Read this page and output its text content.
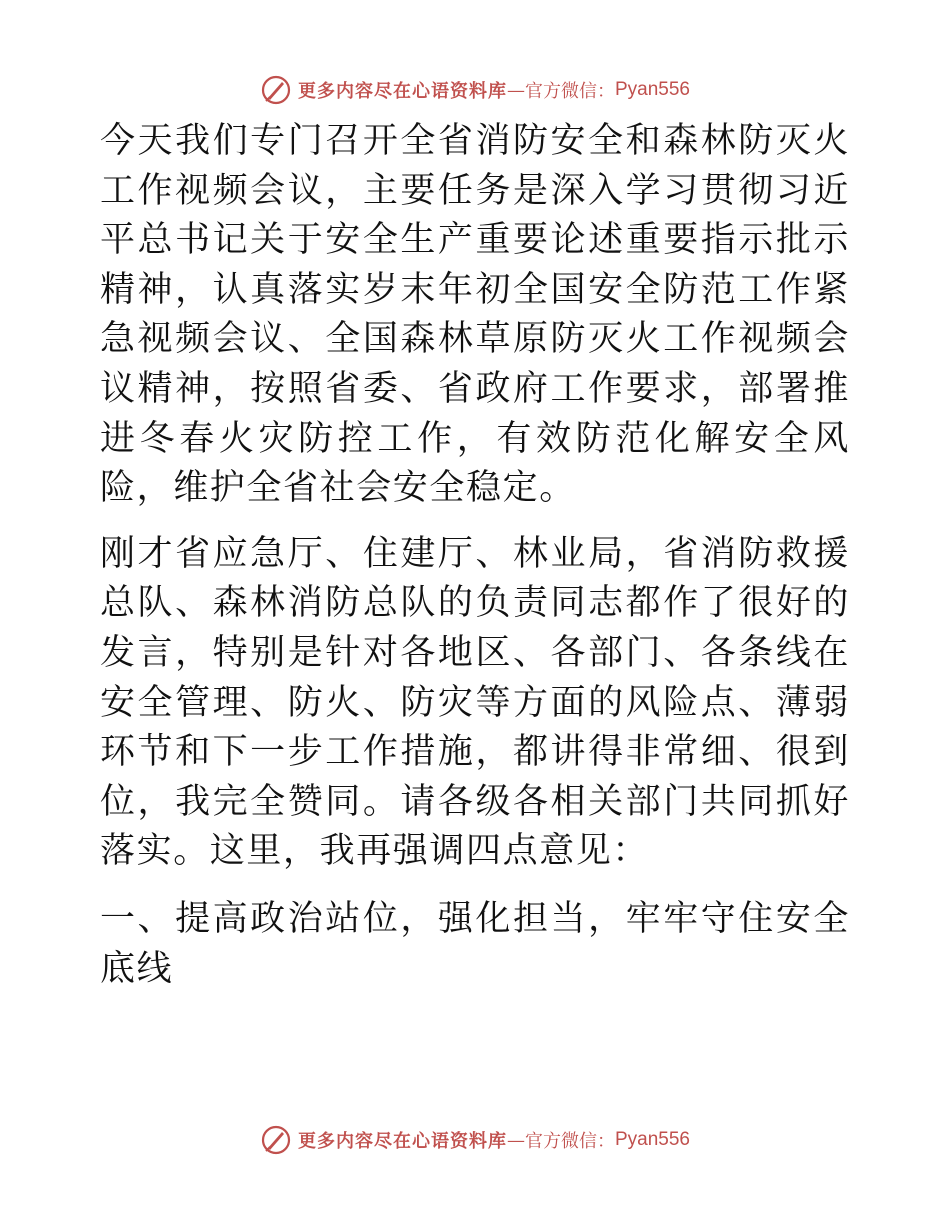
更多内容尽在心语资料库 — 官方微信： Pyan556

今天我们专门召开全省消防安全和森林防灭火工作视频会议，主要任务是深入学习贯彻习近平总书记关于安全生产重要论述重要指示批示精神，认真落实岁末年初全国安全防范工作紧急视频会议、全国森林草原防灭火工作视频会议精神，按照省委、省政府工作要求，部署推进冬春火灾防控工作，有效防范化解安全风险，维护全省社会安全稳定。

刚才省应急厅、住建厅、林业局，省消防救援总队、森林消防总队的负责同志都作了很好的发言，特别是针对各地区、各部门、各条线在安全管理、防火、防灾等方面的风险点、薄弱环节和下一步工作措施，都讲得非常细、很到位，我完全赞同。请各级各相关部门共同抓好落实。这里，我再强调四点意见：

一、提高政治站位，强化担当，牢牢守住安全底线

更多内容尽在心语资料库 — 官方微信： Pyan556
